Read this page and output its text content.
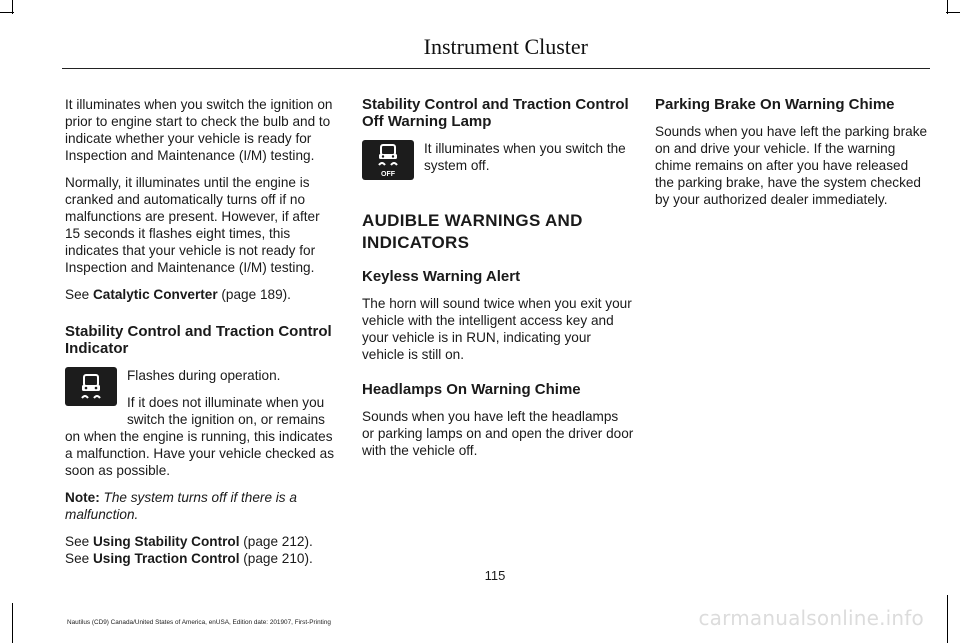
Instrument Cluster

It illuminates when you switch the ignition on prior to engine start to check the bulb and to indicate whether your vehicle is ready for Inspection and Maintenance (I/M) testing.

Normally, it illuminates until the engine is cranked and automatically turns off if no malfunctions are present. However, if after 15 seconds it flashes eight times, this indicates that your vehicle is not ready for Inspection and Maintenance (I/M) testing.

See Catalytic Converter (page 189).

Stability Control and Traction Control Indicator

Flashes during operation.

If it does not illuminate when you switch the ignition on, or remains on when the engine is running, this indicates a malfunction. Have your vehicle checked as soon as possible.

Note: The system turns off if there is a malfunction.

See Using Stability Control (page 212). See Using Traction Control (page 210).

Stability Control and Traction Control Off Warning Lamp
OFF

It illuminates when you switch the system off.

AUDIBLE WARNINGS AND INDICATORS
Keyless Warning Alert

The horn will sound twice when you exit your vehicle with the intelligent access key and your vehicle is in RUN, indicating your vehicle is still on.

Headlamps On Warning Chime

Sounds when you have left the headlamps or parking lamps on and open the driver door with the vehicle off.

Parking Brake On Warning Chime

Sounds when you have left the parking brake on and drive your vehicle. If the warning chime remains on after you have released the parking brake, have the system checked by your authorized dealer immediately.

115
Nautilus (CD9) Canada/United States of America, enUSA, Edition date: 201907, First-Printing	carmanualsonline.info
